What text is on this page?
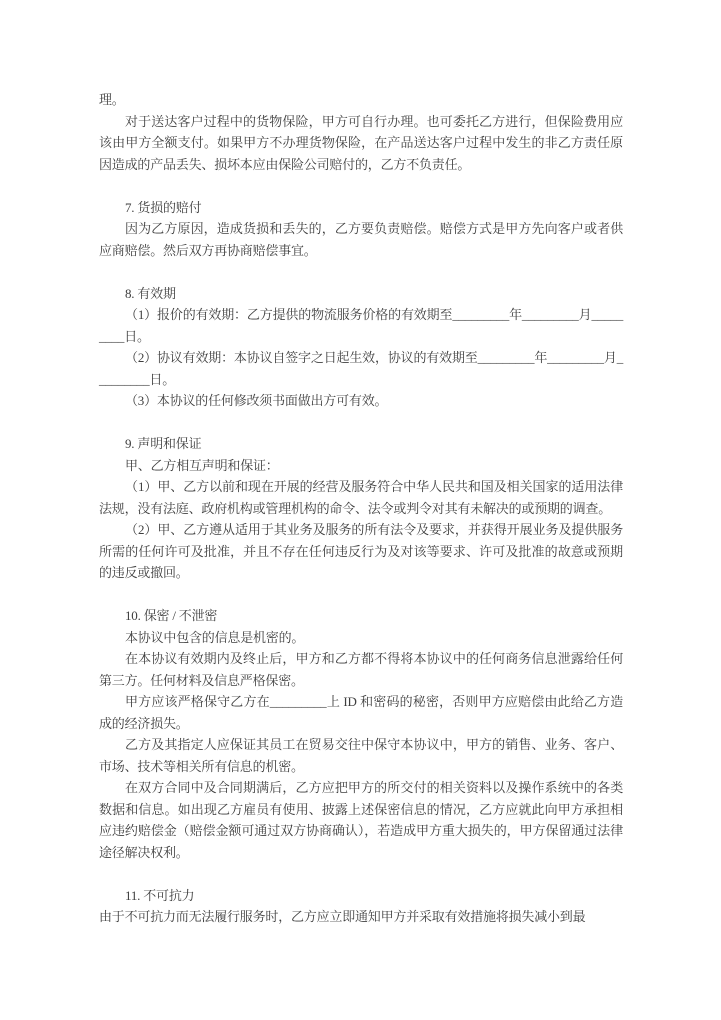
理。

对于送达客户过程中的货物保险，甲方可自行办理。也可委托乙方进行，但保险费用应该由甲方全额支付。如果甲方不办理货物保险，在产品送达客户过程中发生的非乙方责任原因造成的产品丢失、损坏本应由保险公司赔付的，乙方不负责任。

7. 货损的赔付

因为乙方原因，造成货损和丢失的，乙方要负责赔偿。赔偿方式是甲方先向客户或者供应商赔偿。然后双方再协商赔偿事宜。

8. 有效期

（1）报价的有效期：乙方提供的物流服务价格的有效期至_________年_________月_________日。

（2）协议有效期：本协议自签字之日起生效，协议的有效期至_________年_________月_________日。

（3）本协议的任何修改须书面做出方可有效。

9. 声明和保证

甲、乙方相互声明和保证：

（1）甲、乙方以前和现在开展的经营及服务符合中华人民共和国及相关国家的适用法律法规，没有法庭、政府机构或管理机构的命令、法令或判令对其有未解决的或预期的调查。

（2）甲、乙方遵从适用于其业务及服务的所有法令及要求，并获得开展业务及提供服务所需的任何许可及批准，并且不存在任何违反行为及对该等要求、许可及批准的故意或预期的违反或撤回。

10. 保密 / 不泄密

本协议中包含的信息是机密的。

在本协议有效期内及终止后，甲方和乙方都不得将本协议中的任何商务信息泄露给任何第三方。任何材料及信息严格保密。

甲方应该严格保守乙方在_________上 ID 和密码的秘密，否则甲方应赔偿由此给乙方造成的经济损失。

乙方及其指定人应保证其员工在贸易交往中保守本协议中，甲方的销售、业务、客户、市场、技术等相关所有信息的机密。

在双方合同中及合同期满后，乙方应把甲方的所交付的相关资料以及操作系统中的各类数据和信息。如出现乙方雇员有使用、披露上述保密信息的情况，乙方应就此向甲方承担相应违约赔偿金（赔偿金额可通过双方协商确认），若造成甲方重大损失的，甲方保留通过法律途径解决权利。

11. 不可抗力

由于不可抗力而无法履行服务时，乙方应立即通知甲方并采取有效措施将损失减小到最
